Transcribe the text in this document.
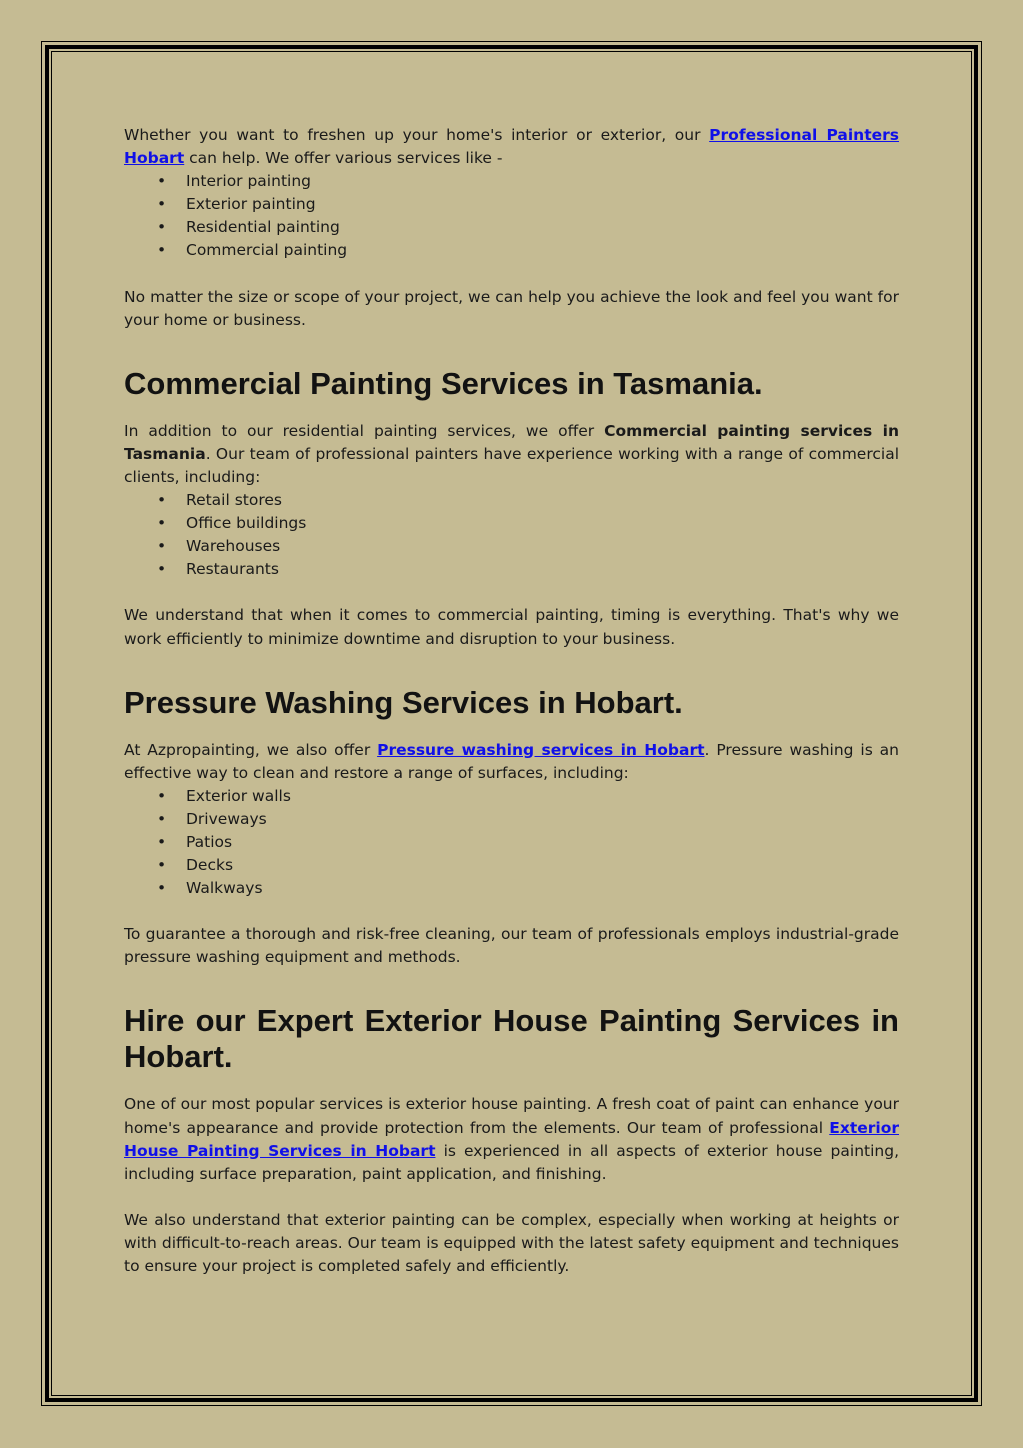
Whether you want to freshen up your home's interior or exterior, our Professional Painters Hobart can help. We offer various services like -

• Interior painting
• Exterior painting
• Residential painting
• Commercial painting

No matter the size or scope of your project, we can help you achieve the look and feel you want for your home or business.

Commercial Painting Services in Tasmania.

In addition to our residential painting services, we offer Commercial painting services in Tasmania. Our team of professional painters have experience working with a range of commercial clients, including:

• Retail stores
• Office buildings
• Warehouses
• Restaurants

We understand that when it comes to commercial painting, timing is everything. That's why we work efficiently to minimize downtime and disruption to your business.

Pressure Washing Services in Hobart.

At Azpropainting, we also offer Pressure washing services in Hobart. Pressure washing is an effective way to clean and restore a range of surfaces, including:

• Exterior walls
• Driveways
• Patios
• Decks
• Walkways

To guarantee a thorough and risk-free cleaning, our team of professionals employs industrial-grade pressure washing equipment and methods.

Hire our Expert Exterior House Painting Services in Hobart.

One of our most popular services is exterior house painting. A fresh coat of paint can enhance your home's appearance and provide protection from the elements. Our team of professional Exterior House Painting Services in Hobart is experienced in all aspects of exterior house painting, including surface preparation, paint application, and finishing.

We also understand that exterior painting can be complex, especially when working at heights or with difficult-to-reach areas. Our team is equipped with the latest safety equipment and techniques to ensure your project is completed safely and efficiently.
